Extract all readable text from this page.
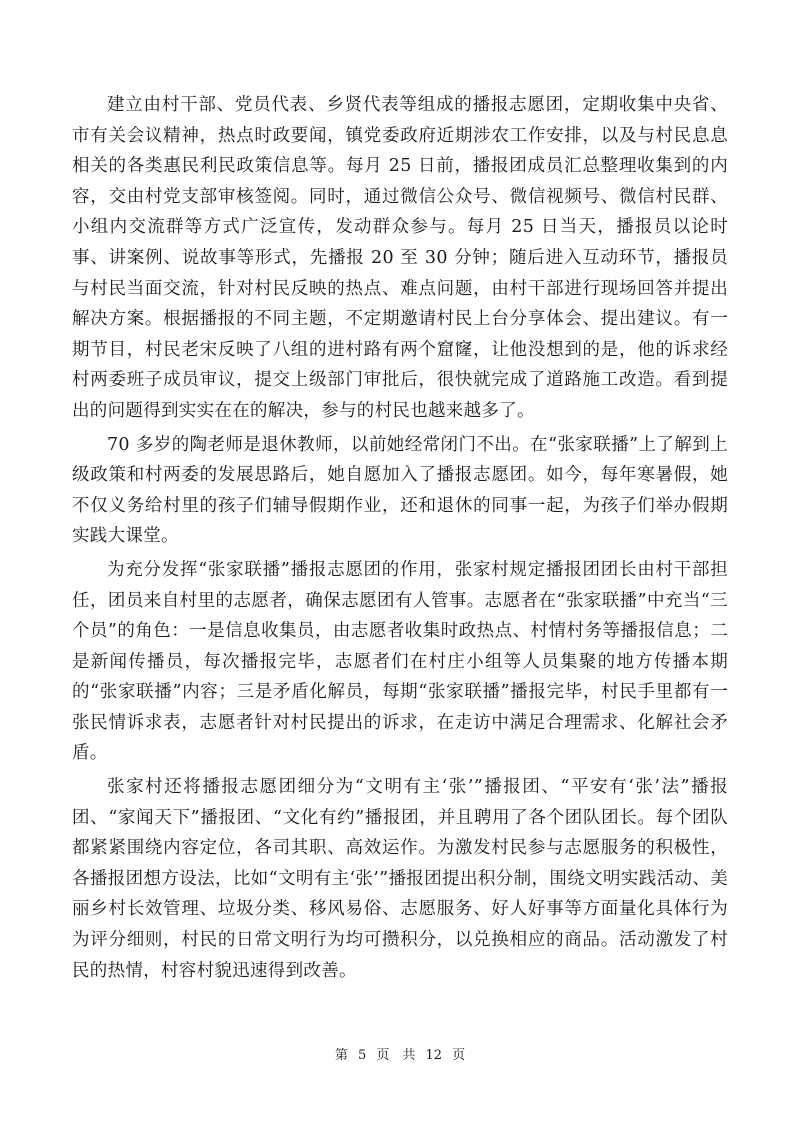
建立由村干部、党员代表、乡贤代表等组成的播报志愿团，定期收集中央省、市有关会议精神，热点时政要闻，镇党委政府近期涉农工作安排，以及与村民息息相关的各类惠民利民政策信息等。每月 25 日前，播报团成员汇总整理收集到的内容，交由村党支部审核签阅。同时，通过微信公众号、微信视频号、微信村民群、小组内交流群等方式广泛宣传，发动群众参与。每月 25 日当天，播报员以论时事、讲案例、说故事等形式，先播报 20 至 30 分钟；随后进入互动环节，播报员与村民当面交流，针对村民反映的热点、难点问题，由村干部进行现场回答并提出解决方案。根据播报的不同主题，不定期邀请村民上台分享体会、提出建议。有一期节目，村民老宋反映了八组的进村路有两个窟窿，让他没想到的是，他的诉求经村两委班子成员审议，提交上级部门审批后，很快就完成了道路施工改造。看到提出的问题得到实实在在的解决，参与的村民也越来越多了。

70 多岁的陶老师是退休教师，以前她经常闭门不出。在“张家联播”上了解到上级政策和村两委的发展思路后，她自愿加入了播报志愿团。如今，每年寒暑假，她不仅义务给村里的孩子们辅导假期作业，还和退休的同事一起，为孩子们举办假期实践大课堂。

为充分发挥“张家联播”播报志愿团的作用，张家村规定播报团团长由村干部担任，团员来自村里的志愿者，确保志愿团有人管事。志愿者在“张家联播”中充当“三个员”的角色：一是信息收集员，由志愿者收集时政热点、村情村务等播报信息；二是新闻传播员，每次播报完毕，志愿者们在村庄小组等人员集聚的地方传播本期的“张家联播”内容；三是矛盾化解员，每期“张家联播”播报完毕，村民手里都有一张民情诉求表，志愿者针对村民提出的诉求，在走访中满足合理需求、化解社会矛盾。

张家村还将播报志愿团细分为“文明有主‘张’”播报团、“平安有‘张’法”播报团、“家闻天下”播报团、“文化有约”播报团，并且聘用了各个团队团长。每个团队都紧紧围绕内容定位，各司其职、高效运作。为激发村民参与志愿服务的积极性，各播报团想方设法，比如“文明有主‘张’”播报团提出积分制，围绕文明实践活动、美丽乡村长效管理、垃圾分类、移风易俗、志愿服务、好人好事等方面量化具体行为为评分细则，村民的日常文明行为均可攒积分，以兑换相应的商品。活动激发了村民的热情，村容村貌迅速得到改善。

第 5 页　共 12 页
